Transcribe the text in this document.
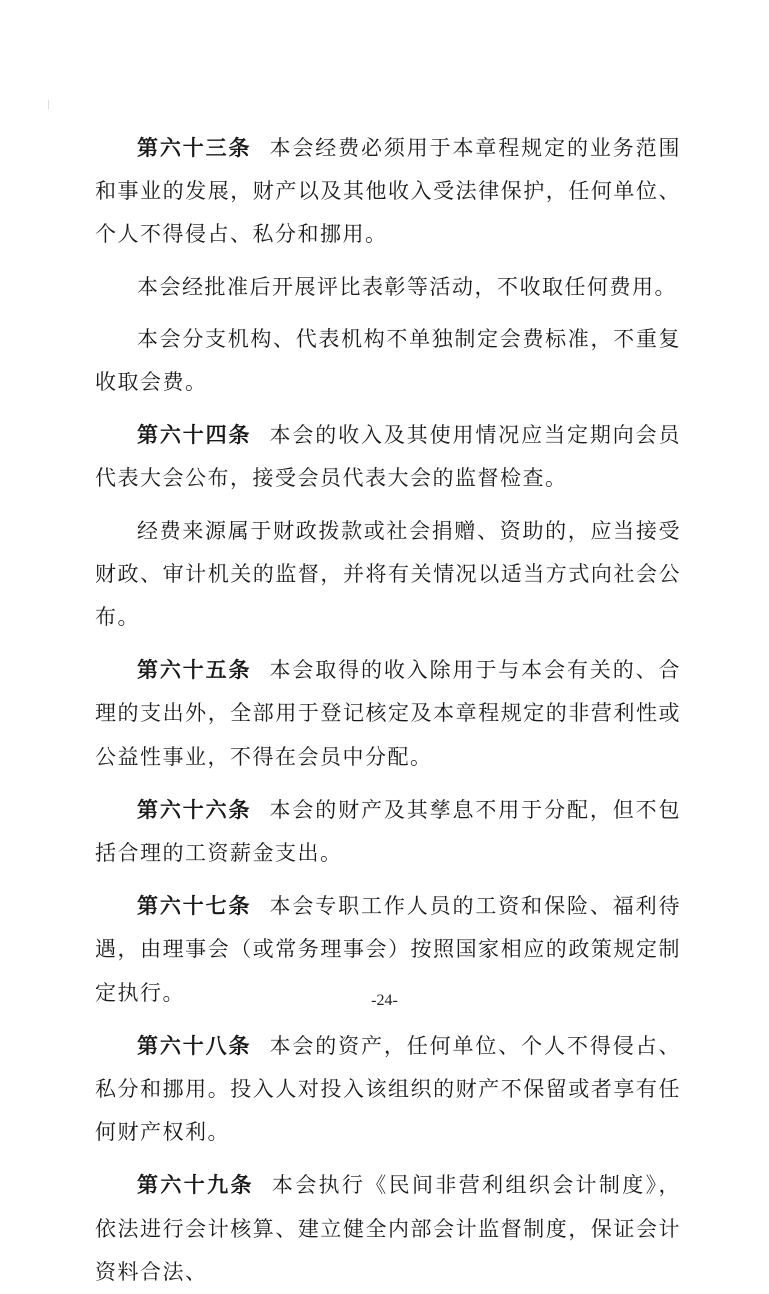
第六十三条 本会经费必须用于本章程规定的业务范围和事业的发展，财产以及其他收入受法律保护，任何单位、个人不得侵占、私分和挪用。

本会经批准后开展评比表彰等活动，不收取任何费用。

本会分支机构、代表机构不单独制定会费标准，不重复收取会费。

第六十四条 本会的收入及其使用情况应当定期向会员代表大会公布，接受会员代表大会的监督检查。

经费来源属于财政拨款或社会捐赠、资助的，应当接受财政、审计机关的监督，并将有关情况以适当方式向社会公布。

第六十五条 本会取得的收入除用于与本会有关的、合理的支出外，全部用于登记核定及本章程规定的非营利性或公益性事业，不得在会员中分配。

第六十六条 本会的财产及其孳息不用于分配，但不包括合理的工资薪金支出。

第六十七条 本会专职工作人员的工资和保险、福利待遇，由理事会（或常务理事会）按照国家相应的政策规定制定执行。

第六十八条 本会的资产，任何单位、个人不得侵占、私分和挪用。投入人对投入该组织的财产不保留或者享有任何财产权利。

第六十九条 本会执行《民间非营利组织会计制度》，依法进行会计核算、建立健全内部会计监督制度，保证会计资料合法、

-24-
